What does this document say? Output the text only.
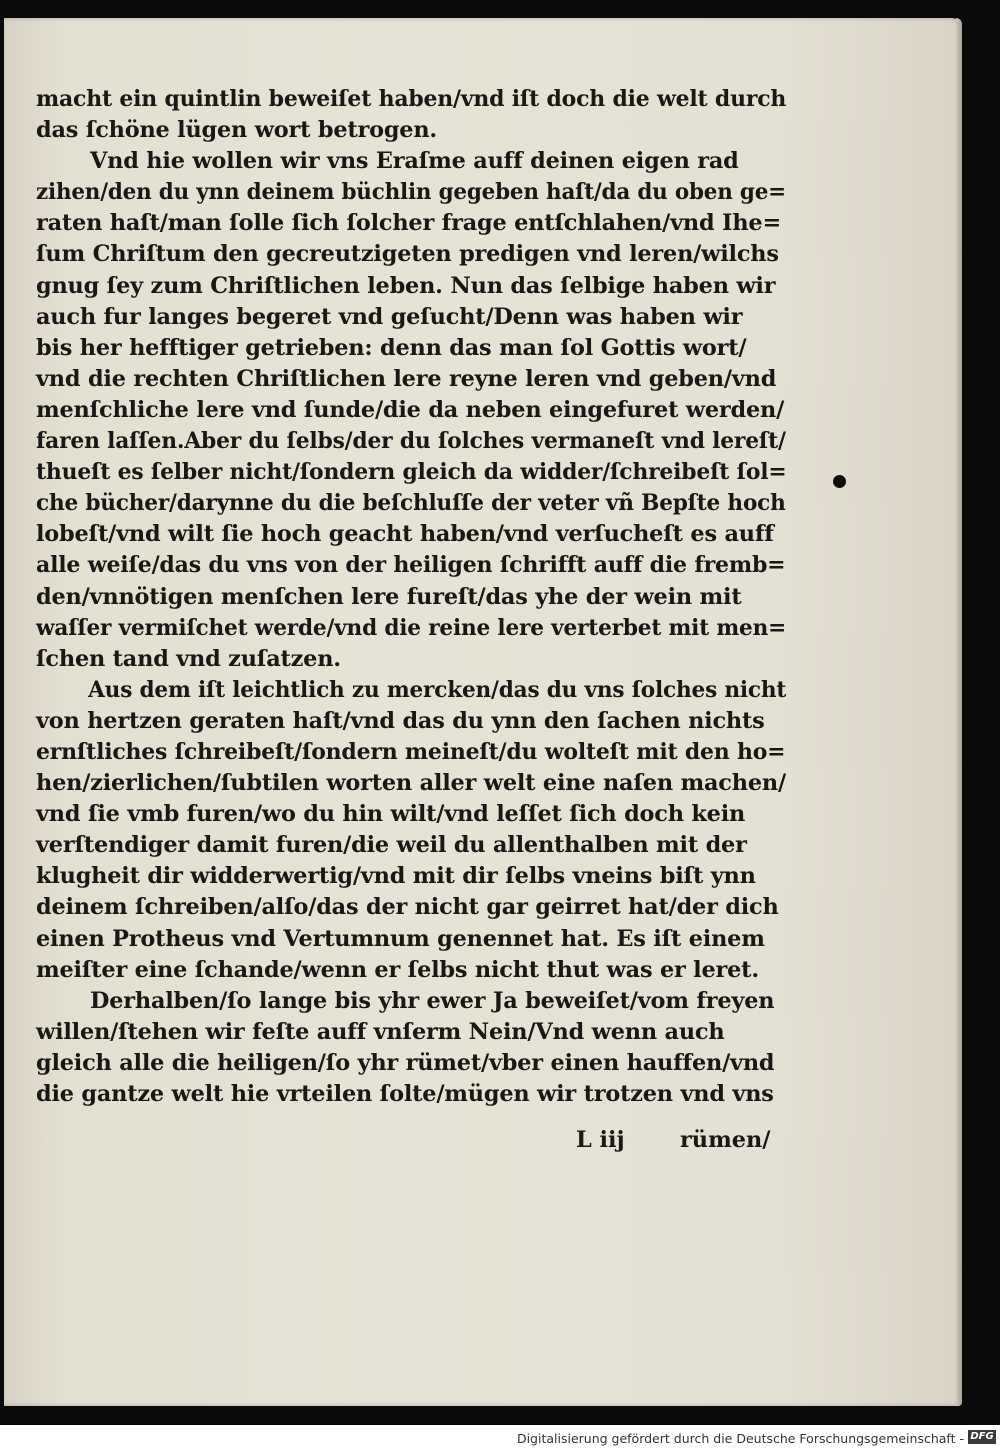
macht ein quintlin beweiſet haben/vnd iſt doch die welt durch
das ſchöne lügen wort betrogen.
Vnd hie wollen wir vns Eraſme auff deinen eigen rad
zihen/den du ynn deinem büchlin gegeben haſt/da du oben ge=
raten haſt/man ſolle ſich ſolcher frage entſchlahen/vnd Ihe=
ſum Chriſtum den gecreutzigeten predigen vnd leren/wilchs
gnug ſey zum Chriſtlichen leben. Nun das ſelbige haben wir
auch fur langes begeret vnd geſucht/Denn was haben wir
bis her hefftiger getrieben: denn das man ſol Gottis wort/
vnd die rechten Chriſtlichen lere reyne leren vnd geben/vnd
menſchliche lere vnd ſunde/die da neben eingefuret werden/
faren laſſen.Aber du ſelbs/der du ſolches vermaneſt vnd lereſt/
thueſt es ſelber nicht/ſondern gleich da widder/ſchreibeſt ſol=
che bücher/darynne du die beſchluſſe der veter vñ Bepſte hoch
lobeſt/vnd wilt ſie hoch geacht haben/vnd verſucheſt es auff
alle weiſe/das du vns von der heiligen ſchrifft auff die fremb=
den/vnnötigen menſchen lere fureſt/das yhe der wein mit
waſſer vermiſchet werde/vnd die reine lere verterbet mit men=
ſchen tand vnd zuſatzen.
Aus dem iſt leichtlich zu mercken/das du vns ſolches nicht
von hertzen geraten haſt/vnd das du ynn den ſachen nichts
ernſtliches ſchreibeſt/ſondern meineſt/du wolteſt mit den ho=
hen/zierlichen/ſubtilen worten aller welt eine naſen machen/
vnd ſie vmb furen/wo du hin wilt/vnd leſſet ſich doch kein
verſtendiger damit furen/die weil du allenthalben mit der
klugheit dir widderwertig/vnd mit dir ſelbs vneins biſt ynn
deinem ſchreiben/alſo/das der nicht gar geirret hat/der dich
einen Protheus vnd Vertumnum genennet hat. Es iſt einem
meiſter eine ſchande/wenn er ſelbs nicht thut was er leret.
Derhalben/ſo lange bis yhr ewer Ja beweiſet/vom freyen
willen/ſtehen wir feſte auff vnſerm Nein/Vnd wenn auch
gleich alle die heiligen/ſo yhr rümet/vber einen hauffen/vnd
die gantze welt hie vrteilen ſolte/mügen wir trotzen vnd vns
L iij rümen/
Digitalisierung gefördert durch die Deutsche Forschungsgemeinschaft - DFG
